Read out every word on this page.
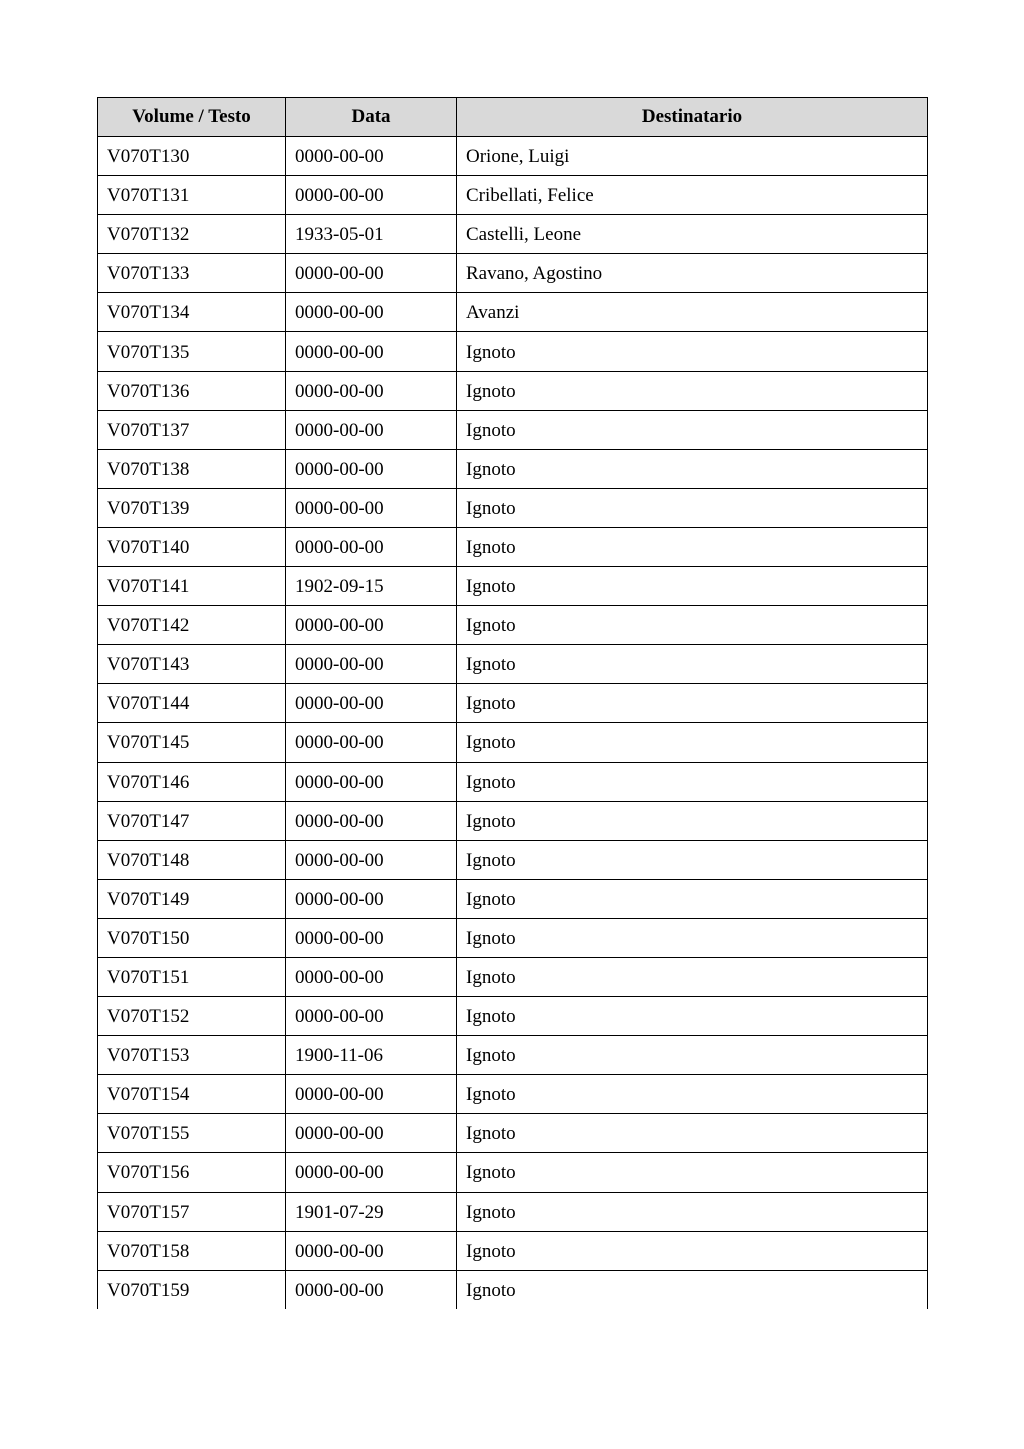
Volume / Testo	Data	Destinatario
V070T130	0000-00-00	Orione, Luigi
V070T131	0000-00-00	Cribellati, Felice
V070T132	1933-05-01	Castelli, Leone
V070T133	0000-00-00	Ravano, Agostino
V070T134	0000-00-00	Avanzi
V070T135	0000-00-00	Ignoto
V070T136	0000-00-00	Ignoto
V070T137	0000-00-00	Ignoto
V070T138	0000-00-00	Ignoto
V070T139	0000-00-00	Ignoto
V070T140	0000-00-00	Ignoto
V070T141	1902-09-15	Ignoto
V070T142	0000-00-00	Ignoto
V070T143	0000-00-00	Ignoto
V070T144	0000-00-00	Ignoto
V070T145	0000-00-00	Ignoto
V070T146	0000-00-00	Ignoto
V070T147	0000-00-00	Ignoto
V070T148	0000-00-00	Ignoto
V070T149	0000-00-00	Ignoto
V070T150	0000-00-00	Ignoto
V070T151	0000-00-00	Ignoto
V070T152	0000-00-00	Ignoto
V070T153	1900-11-06	Ignoto
V070T154	0000-00-00	Ignoto
V070T155	0000-00-00	Ignoto
V070T156	0000-00-00	Ignoto
V070T157	1901-07-29	Ignoto
V070T158	0000-00-00	Ignoto
V070T159	0000-00-00	Ignoto
